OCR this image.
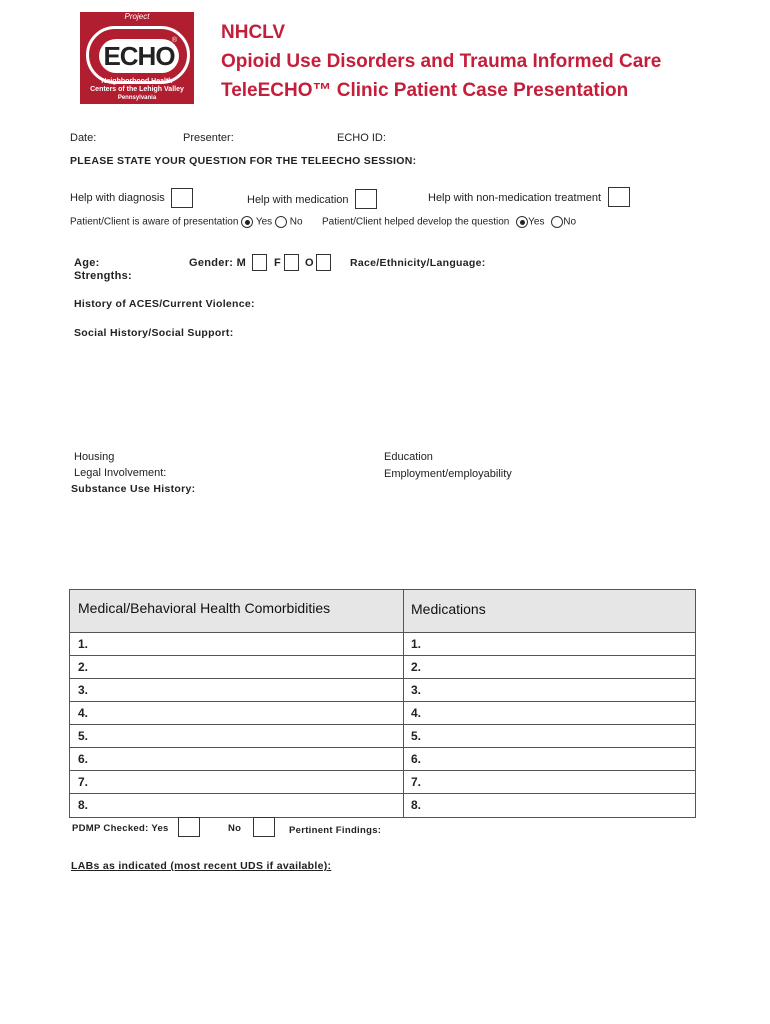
Project
ECHO
®
Neighborhood Health
Centers of the Lehigh Valley
Pennsylvania
NHCLV
Opioid Use Disorders and Trauma Informed Care
TeleECHO™ Clinic Patient Case Presentation
Date:	Presenter:	ECHO ID:
PLEASE STATE YOUR QUESTION FOR THE TELEECHO SESSION:
Help with diagnosis	Help with medication	Help with non-medication treatment
Patient/Client is aware of presentation Yes No Patient/Client helped develop the question Yes No
Age:	Gender: M	F O	Race/Ethnicity/Language:
Strengths:
History of ACES/Current Violence:
Social History/Social Support:
Housing	Education
Legal Involvement:	Employment/employability
Substance Use History:
Medical/Behavioral Health Comorbidities	Medications
1.	1.
2.	2.
3.	3.
4.	4.
5.	5.
6.	6.
7.	7.
8.	8.
PDMP Checked: Yes	No	Pertinent Findings:
LABs as indicated (most recent UDS if available):
